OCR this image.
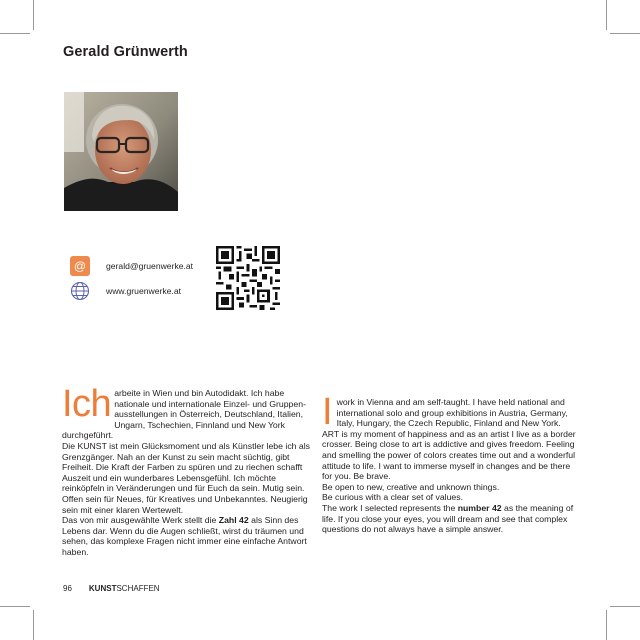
Gerald Grünwerth
@	gerald@gruenwerke.at
www.gruenwerke.at
Ich arbeite in Wien und bin Autodidakt. Ich habe nationale und internationale Einzel- und Gruppenausstellungen in Österreich, Deutschland, Italien, Ungarn, Tschechien, Finnland und New York durchgeführt.
Die KUNST ist mein Glücksmoment und als Künstler lebe ich als Grenzgänger. Nah an der Kunst zu sein macht süchtig, gibt Freiheit. Die Kraft der Farben zu spüren und zu riechen schafft Auszeit und ein wunderbares Lebensgefühl. Ich möchte reinköpfeln in Veränderungen und für Euch da sein. Mutig sein. Offen sein für Neues, für Kreatives und Unbekanntes. Neugierig sein mit einer klaren Wertewelt.
Das von mir ausgewählte Werk stellt die Zahl 42 als Sinn des Lebens dar. Wenn du die Augen schließt, wirst du träumen und sehen, das komplexe Fragen nicht immer eine einfache Antwort haben.
I work in Vienna and am self-taught. I have held national and international solo and group exhibitions in Austria, Germany, Italy, Hungary, the Czech Republic, Finland and New York.
ART is my moment of happiness and as an artist I live as a border crosser. Being close to art is addictive and gives freedom. Feeling and smelling the power of colors creates time out and a wonderful attitude to life. I want to immerse myself in changes and be there for you. Be brave.
Be open to new, creative and unknown things.
Be curious with a clear set of values.
The work I selected represents the number 42 as the meaning of life. If you close your eyes, you will dream and see that complex questions do not always have a simple answer.
96 KUNST SCHAFFEN
